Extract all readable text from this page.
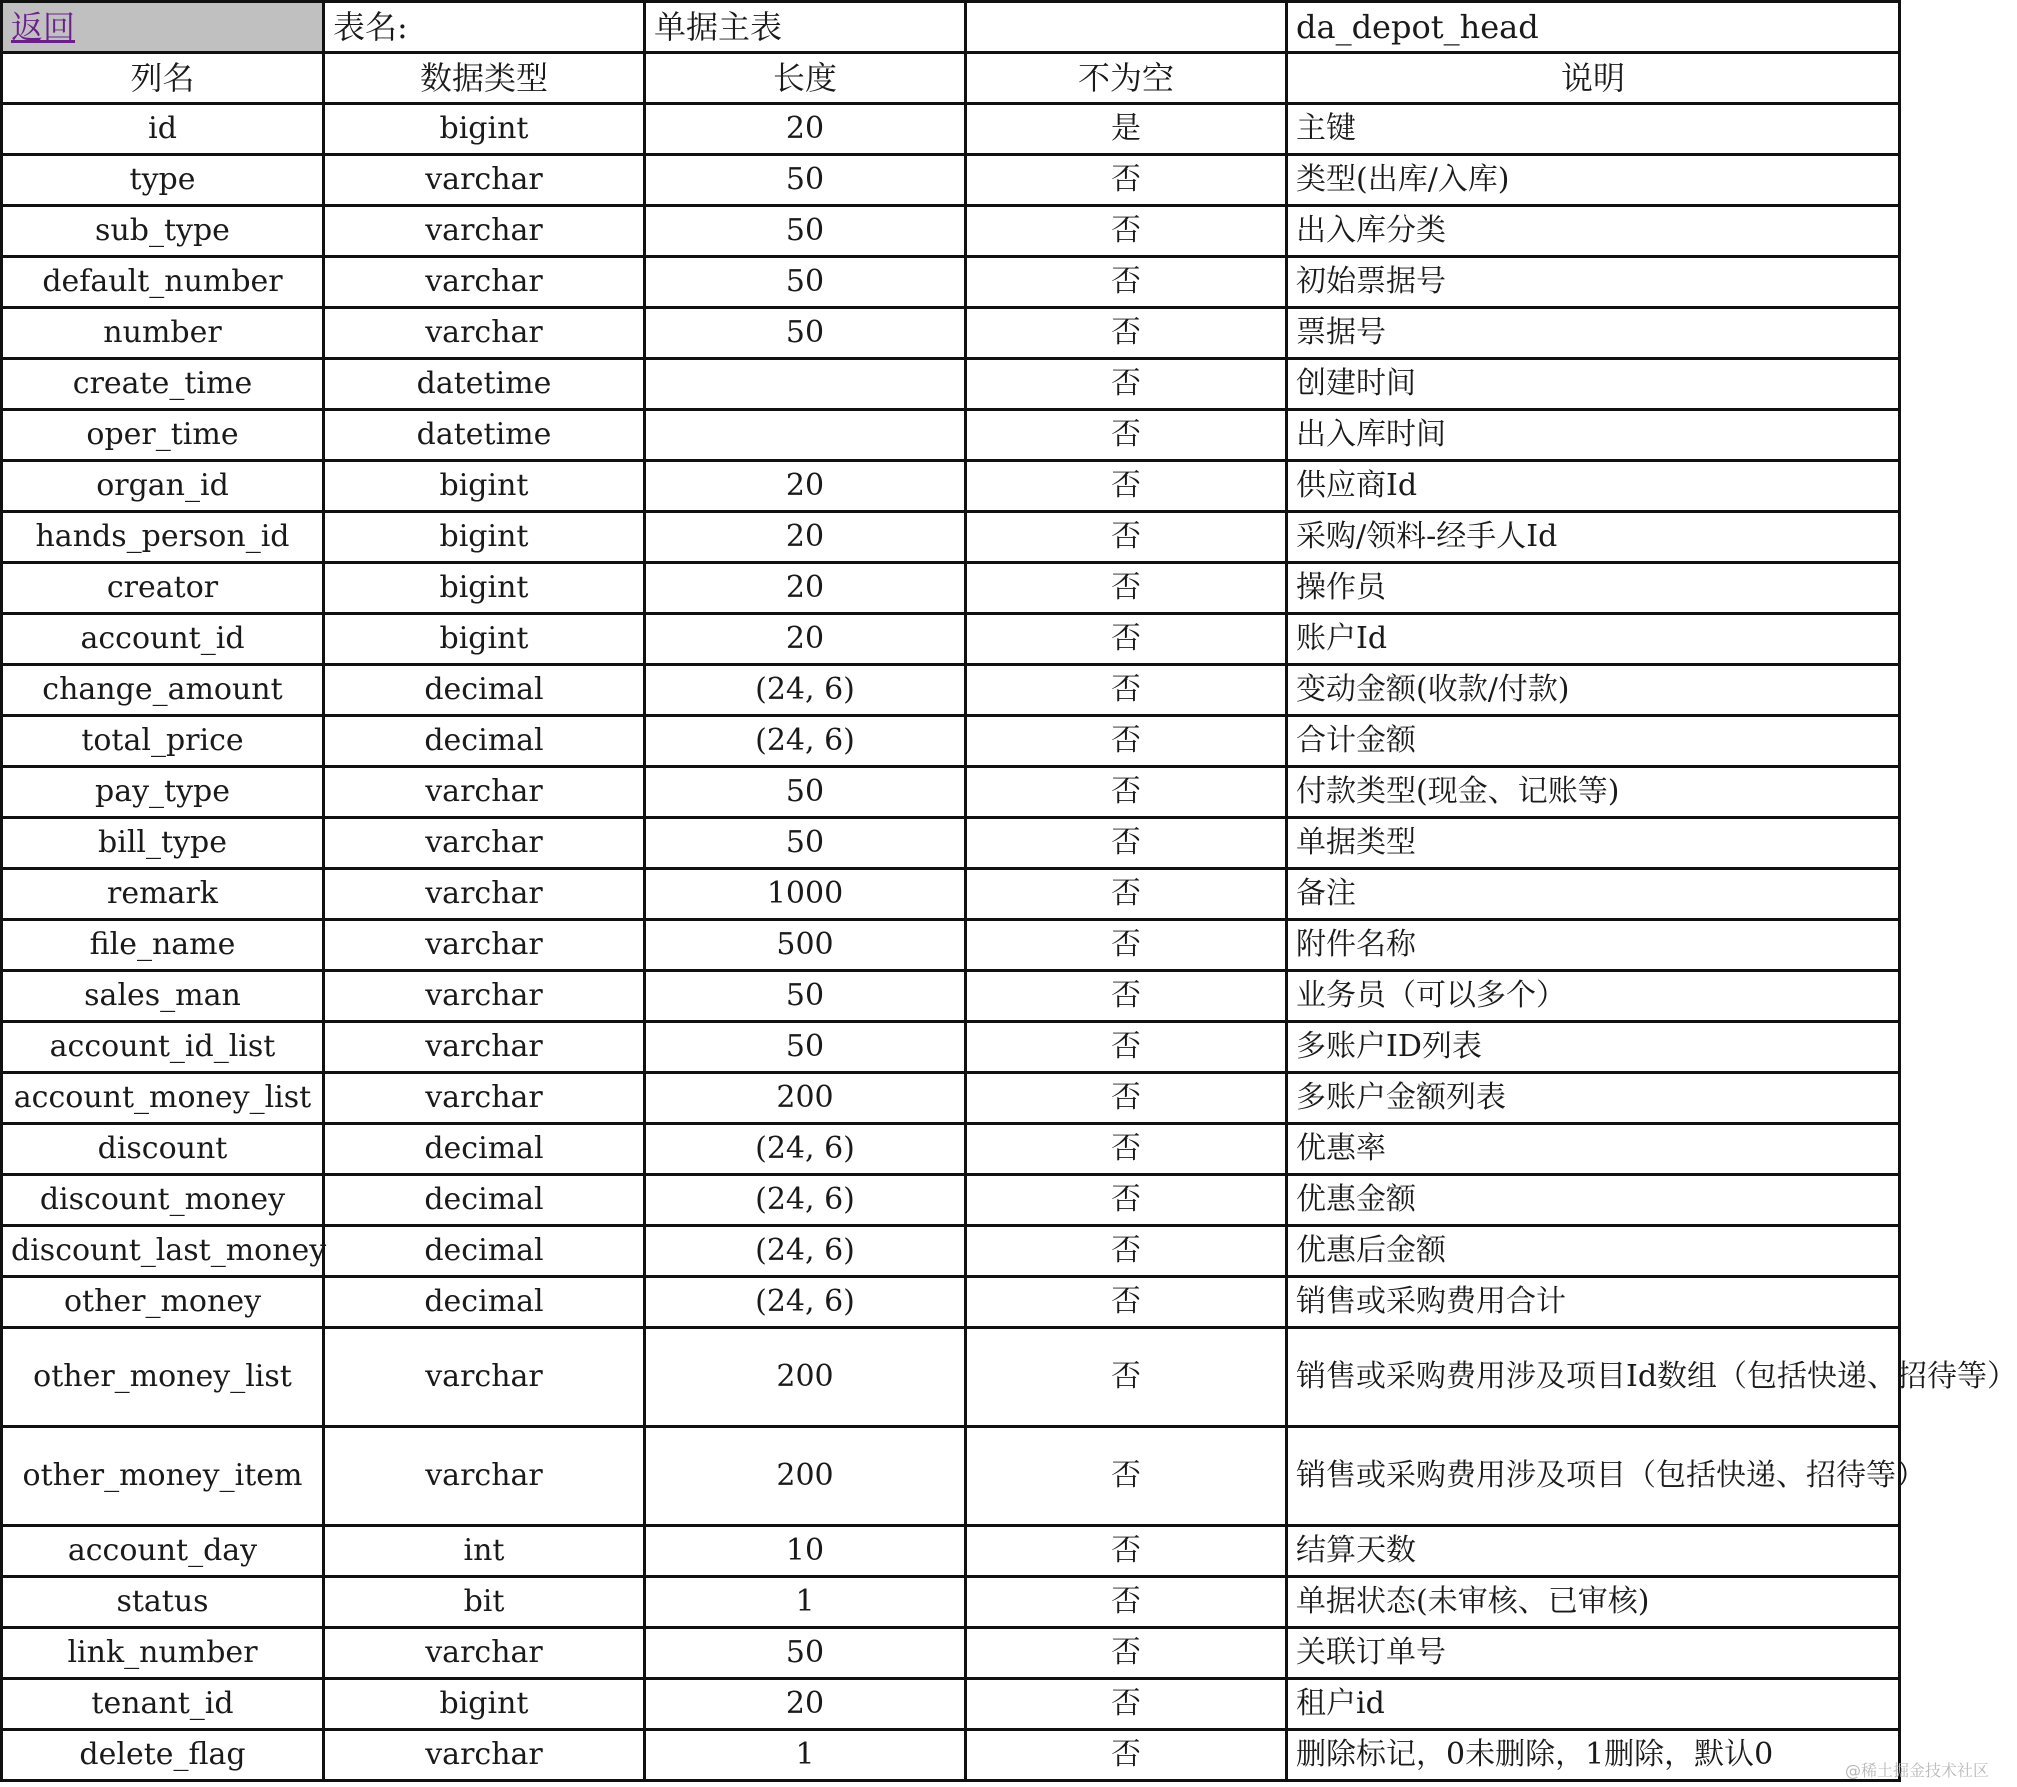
返回	表名:	单据主表		da_depot_head
列名	数据类型	长度	不为空	说明
id	bigint	20	是	主键
type	varchar	50	否	类型(出库/入库)
sub_type	varchar	50	否	出入库分类
default_number	varchar	50	否	初始票据号
number	varchar	50	否	票据号
create_time	datetime		否	创建时间
oper_time	datetime		否	出入库时间
organ_id	bigint	20	否	供应商Id
hands_person_id	bigint	20	否	采购/领料-经手人Id
creator	bigint	20	否	操作员
account_id	bigint	20	否	账户Id
change_amount	decimal	(24, 6)	否	变动金额(收款/付款)
total_price	decimal	(24, 6)	否	合计金额
pay_type	varchar	50	否	付款类型(现金、记账等)
bill_type	varchar	50	否	单据类型
remark	varchar	1000	否	备注
file_name	varchar	500	否	附件名称
sales_man	varchar	50	否	业务员（可以多个）
account_id_list	varchar	50	否	多账户ID列表
account_money_list	varchar	200	否	多账户金额列表
discount	decimal	(24, 6)	否	优惠率
discount_money	decimal	(24, 6)	否	优惠金额
discount_last_money	decimal	(24, 6)	否	优惠后金额
other_money	decimal	(24, 6)	否	销售或采购费用合计
other_money_list	varchar	200	否	销售或采购费用涉及项目Id数组（包括快递、招待等）
other_money_item	varchar	200	否	销售或采购费用涉及项目（包括快递、招待等）
account_day	int	10	否	结算天数
status	bit	1	否	单据状态(未审核、已审核)
link_number	varchar	50	否	关联订单号
tenant_id	bigint	20	否	租户id
delete_flag	varchar	1	否	删除标记，0未删除，1删除，默认0	@稀土掘金技术社区
